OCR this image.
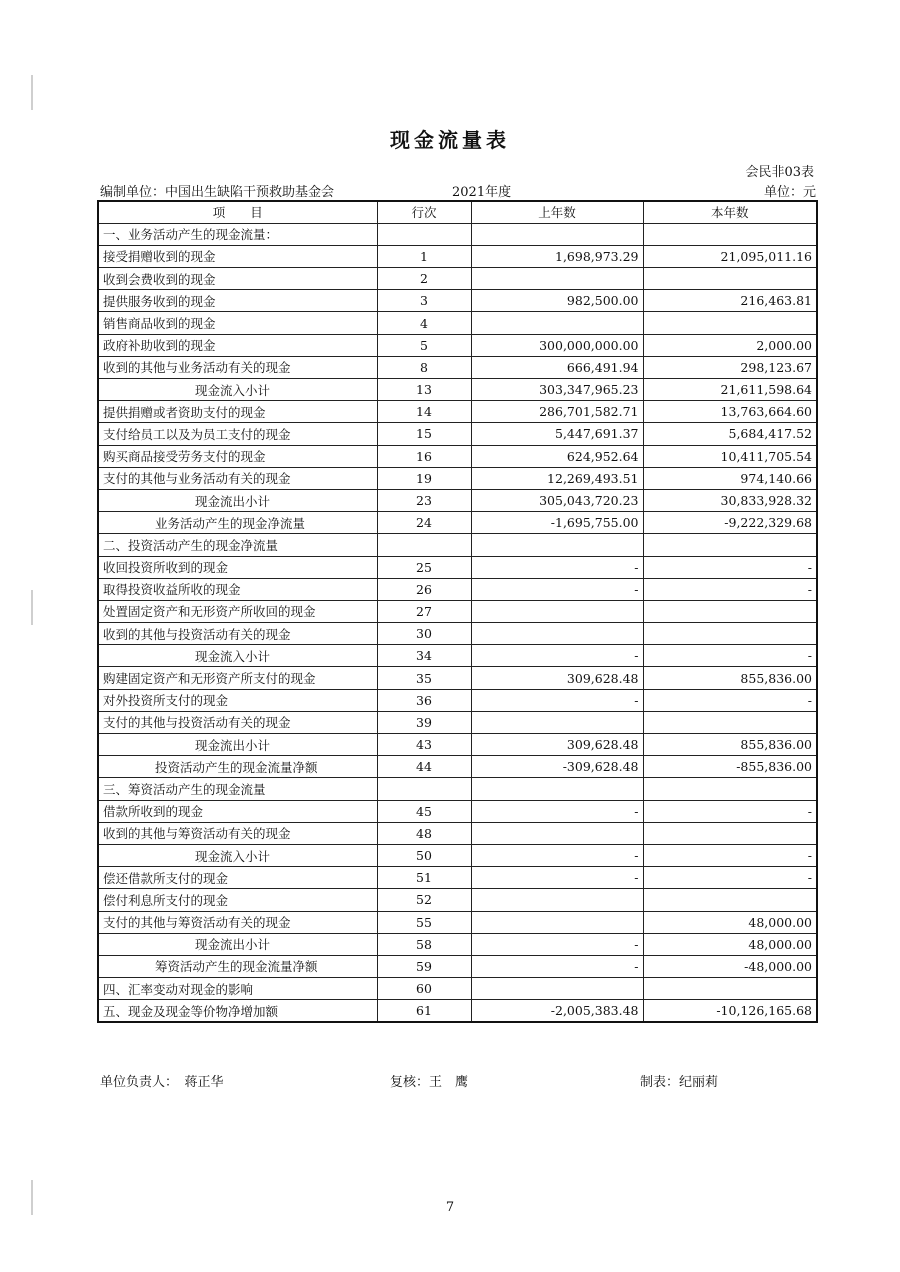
现金流量表
会民非03表
编制单位：中国出生缺陷干预救助基金会	2021年度	单位：元
项　　目	行次	上年数	本年数
一、业务活动产生的现金流量：			
接受捐赠收到的现金	1	1,698,973.29	21,095,011.16
收到会费收到的现金	2		
提供服务收到的现金	3	982,500.00	216,463.81
销售商品收到的现金	4		
政府补助收到的现金	5	300,000,000.00	2,000.00
收到的其他与业务活动有关的现金	8	666,491.94	298,123.67
现金流入小计	13	303,347,965.23	21,611,598.64
提供捐赠或者资助支付的现金	14	286,701,582.71	13,763,664.60
支付给员工以及为员工支付的现金	15	5,447,691.37	5,684,417.52
购买商品接受劳务支付的现金	16	624,952.64	10,411,705.54
支付的其他与业务活动有关的现金	19	12,269,493.51	974,140.66
现金流出小计	23	305,043,720.23	30,833,928.32
业务活动产生的现金净流量	24	-1,695,755.00	-9,222,329.68
二、投资活动产生的现金净流量			
收回投资所收到的现金	25	-	-
取得投资收益所收的现金	26	-	-
处置固定资产和无形资产所收回的现金	27		
收到的其他与投资活动有关的现金	30		
现金流入小计	34	-	-
购建固定资产和无形资产所支付的现金	35	309,628.48	855,836.00
对外投资所支付的现金	36	-	-
支付的其他与投资活动有关的现金	39		
现金流出小计	43	309,628.48	855,836.00
投资活动产生的现金流量净额	44	-309,628.48	-855,836.00
三、筹资活动产生的现金流量			
借款所收到的现金	45	-	-
收到的其他与筹资活动有关的现金	48		
现金流入小计	50	-	-
偿还借款所支付的现金	51	-	-
偿付利息所支付的现金	52		
支付的其他与筹资活动有关的现金	55		48,000.00
现金流出小计	58	-	48,000.00
筹资活动产生的现金流量净额	59	-	-48,000.00
四、汇率变动对现金的影响	60		
五、现金及现金等价物净增加额	61	-2,005,383.48	-10,126,165.68
单位负责人：　蒋正华	复核：王　鹰	制表：纪丽莉
7
